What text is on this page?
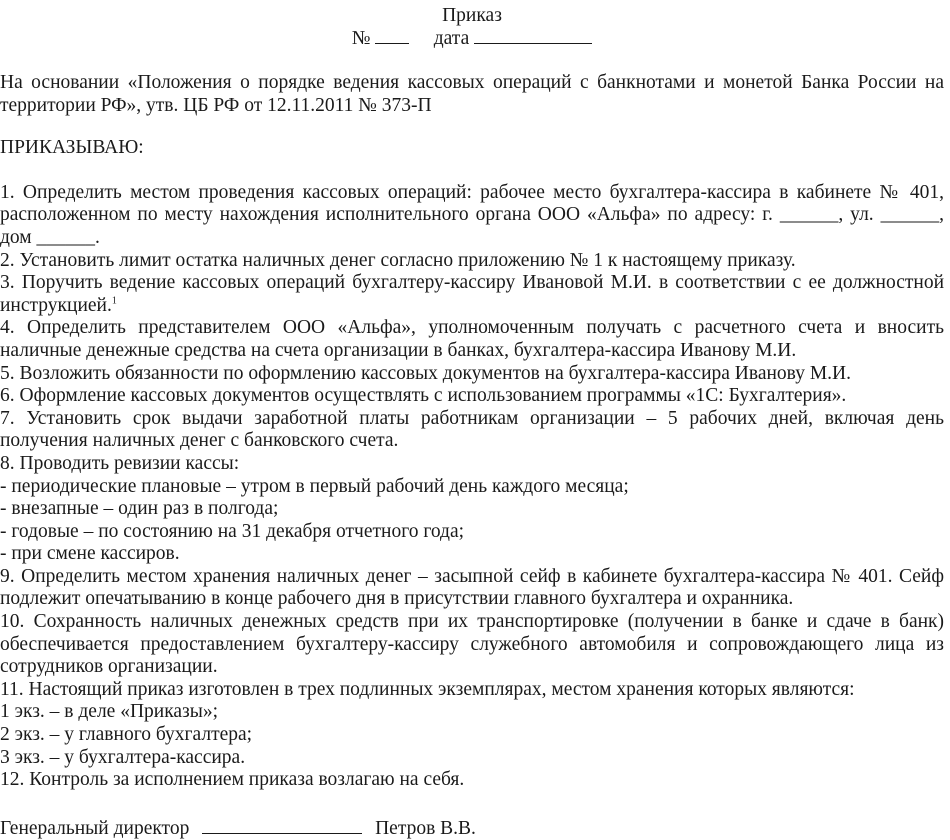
Приказ
№	дата

На основании «Положения о порядке ведения кассовых операций с банкнотами и монетой Банка России на территории РФ», утв. ЦБ РФ от 12.11.2011 № 373-П

ПРИКАЗЫВАЮ:

1. Определить местом проведения кассовых операций: рабочее место бухгалтера-кассира в кабинете № 401, расположенном по месту нахождения исполнительного органа ООО «Альфа» по адресу: г. ______, ул. ______, дом ______.

2. Установить лимит остатка наличных денег согласно приложению № 1 к настоящему приказу.

3. Поручить ведение кассовых операций бухгалтеру-кассиру Ивановой М.И. в соответствии с ее должностной инструкцией.$^1$

4. Определить представителем ООО «Альфа», уполномоченным получать с расчетного счета и вносить наличные денежные средства на счета организации в банках, бухгалтера-кассира Иванову М.И.

5. Возложить обязанности по оформлению кассовых документов на бухгалтера-кассира Иванову М.И.

6. Оформление кассовых документов осуществлять с использованием программы «1С: Бухгалтерия».

7. Установить срок выдачи заработной платы работникам организации – 5 рабочих дней, включая день получения наличных денег с банковского счета.

8. Проводить ревизии кассы:

- периодические плановые – утром в первый рабочий день каждого месяца;

- внезапные – один раз в полгода;

- годовые – по состоянию на 31 декабря отчетного года;

- при смене кассиров.

9. Определить местом хранения наличных денег – засыпной сейф в кабинете бухгалтера-кассира № 401. Сейф подлежит опечатыванию в конце рабочего дня в присутствии главного бухгалтера и охранника.

10. Сохранность наличных денежных средств при их транспортировке (получении в банке и сдаче в банк) обеспечивается предоставлением бухгалтеру-кассиру служебного автомобиля и сопровождающего лица из сотрудников организации.

11. Настоящий приказ изготовлен в трех подлинных экземплярах, местом хранения которых являются:

1 экз. – в деле «Приказы»;

2 экз. – у главного бухгалтера;

3 экз. – у бухгалтера-кассира.

12. Контроль за исполнением приказа возлагаю на себя.

Генеральный директор	Петров В.В.
